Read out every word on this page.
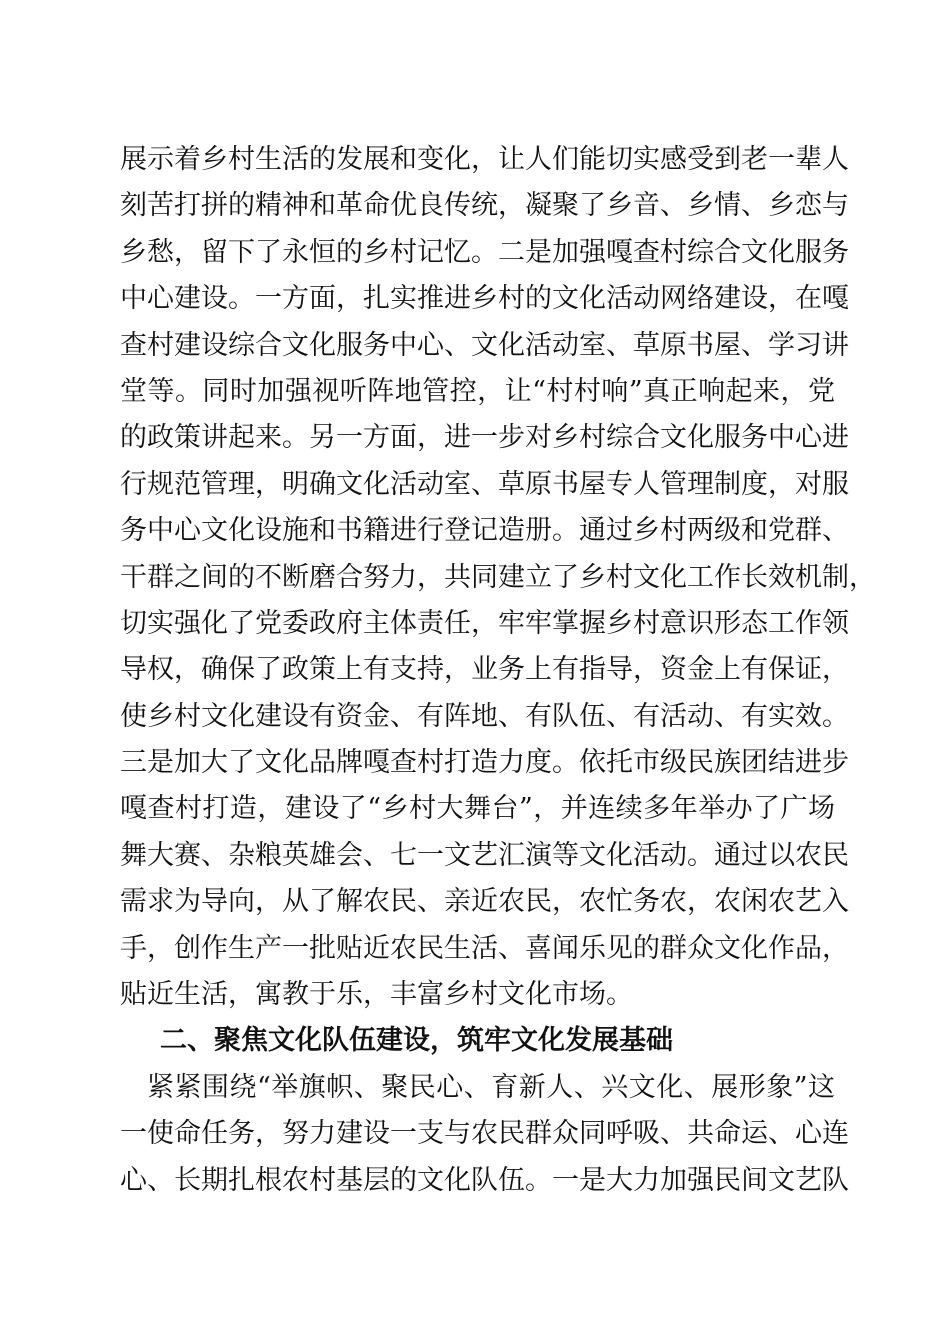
展示着乡村生活的发展和变化，让人们能切实感受到老一辈人
刻苦打拼的精神和革命优良传统，凝聚了乡音、乡情、乡恋与
乡愁，留下了永恒的乡村记忆。二是加强嘎查村综合文化服务
中心建设。一方面，扎实推进乡村的文化活动网络建设，在嘎
查村建设综合文化服务中心、文化活动室、草原书屋、学习讲
堂等。同时加强视听阵地管控，让“村村响”真正响起来，党
的政策讲起来。另一方面，进一步对乡村综合文化服务中心进
行规范管理，明确文化活动室、草原书屋专人管理制度，对服
务中心文化设施和书籍进行登记造册。通过乡村两级和党群、
干群之间的不断磨合努力，共同建立了乡村文化工作长效机制，
切实强化了党委政府主体责任，牢牢掌握乡村意识形态工作领
导权，确保了政策上有支持，业务上有指导，资金上有保证，
使乡村文化建设有资金、有阵地、有队伍、有活动、有实效。
三是加大了文化品牌嘎查村打造力度。依托市级民族团结进步
嘎查村打造，建设了“乡村大舞台”，并连续多年举办了广场
舞大赛、杂粮英雄会、七一文艺汇演等文化活动。通过以农民
需求为导向，从了解农民、亲近农民，农忙务农，农闲农艺入
手，创作生产一批贴近农民生活、喜闻乐见的群众文化作品，
贴近生活，寓教于乐，丰富乡村文化市场。
二、聚焦文化队伍建设，筑牢文化发展基础
紧紧围绕“举旗帜、聚民心、育新人、兴文化、展形象”这
一使命任务，努力建设一支与农民群众同呼吸、共命运、心连
心、长期扎根农村基层的文化队伍。一是大力加强民间文艺队
